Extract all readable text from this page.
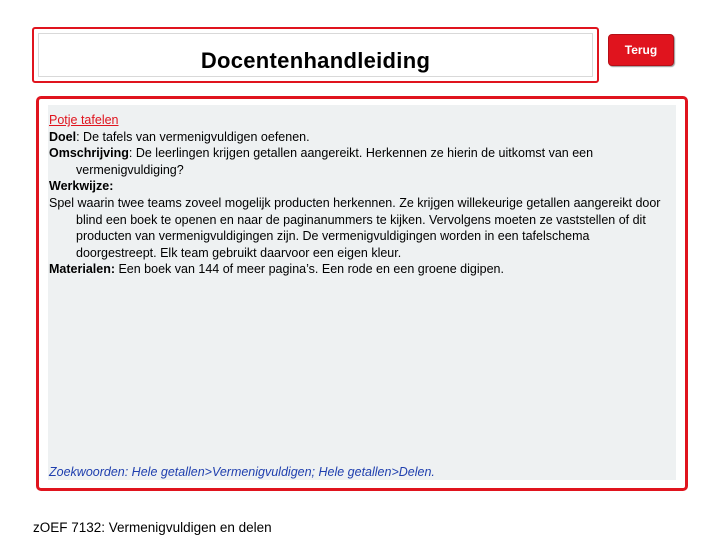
Docentenhandleiding	Terug

Potje tafelen

Doel: De tafels van vermenigvuldigen oefenen.

Omschrijving: De leerlingen krijgen getallen aangereikt. Herkennen ze hierin de uitkomst van een vermenigvuldiging?

Werkwijze:

Spel waarin twee teams zoveel mogelijk producten herkennen. Ze krijgen willekeurige getallen aangereikt door blind een boek te openen en naar de paginanummers te kijken. Vervolgens moeten ze vaststellen of dit producten van vermenigvuldigingen zijn. De vermenigvuldigingen worden in een tafelschema doorgestreept. Elk team gebruikt daarvoor een eigen kleur.

Materialen: Een boek van 144 of meer pagina’s. Een rode en een groene digipen.

Zoekwoorden: Hele getallen>Vermenigvuldigen; Hele getallen>Delen.
zOEF 7132: Vermenigvuldigen en delen
